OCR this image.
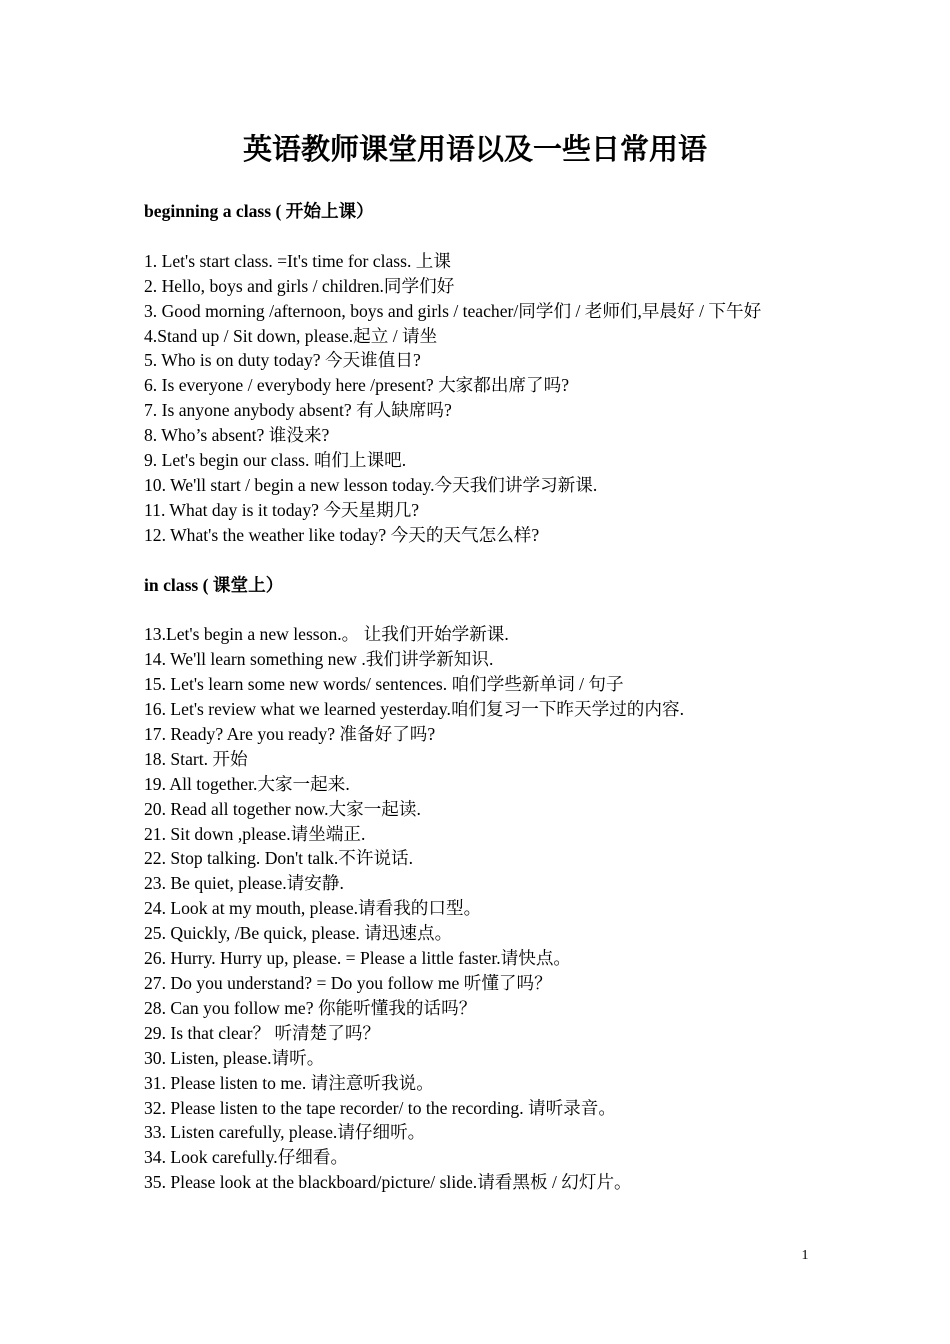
英语教师课堂用语以及一些日常用语
beginning a class ( 开始上课）
1. Let's start class. =It's time for class. 上课
2. Hello, boys and girls / children.同学们好
3. Good morning /afternoon, boys and girls / teacher/同学们 / 老师们,早晨好 / 下午好
4.Stand up / Sit down, please.起立 / 请坐
5. Who is on duty today? 今天谁值日?
6. Is everyone / everybody here /present? 大家都出席了吗?
7. Is anyone anybody absent? 有人缺席吗?
8. Who’s absent? 谁没来?
9. Let's begin our class. 咱们上课吧.
10. We'll start / begin a new lesson today.今天我们讲学习新课.
11. What day is it today? 今天星期几?
12. What's the weather like today? 今天的天气怎么样?
in class ( 课堂上）
13.Let's begin a new lesson.。 让我们开始学新课.
14. We'll learn something new .我们讲学新知识.
15. Let's learn some new words/ sentences. 咱们学些新单词 / 句子
16. Let's review what we learned yesterday.咱们复习一下昨天学过的内容.
17. Ready? Are you ready? 准备好了吗?
18. Start. 开始
19. All together.大家一起来.
20. Read all together now.大家一起读.
21. Sit down ,please.请坐端正.
22. Stop talking. Don't talk.不许说话.
23. Be quiet, please.请安静.
24. Look at my mouth, please.请看我的口型。
25. Quickly, /Be quick, please. 请迅速点。
26. Hurry. Hurry up, please. = Please a little faster.请快点。
27. Do you understand? = Do you follow me 听懂了吗？
28. Can you follow me? 你能听懂我的话吗？
29. Is that clear？ 听清楚了吗？
30. Listen, please.请听。
31. Please listen to me. 请注意听我说。
32. Please listen to the tape recorder/ to the recording. 请听录音。
33. Listen carefully, please.请仔细听。
34. Look carefully.仔细看。
35. Please look at the blackboard/picture/ slide.请看黑板 / 幻灯片。
1
